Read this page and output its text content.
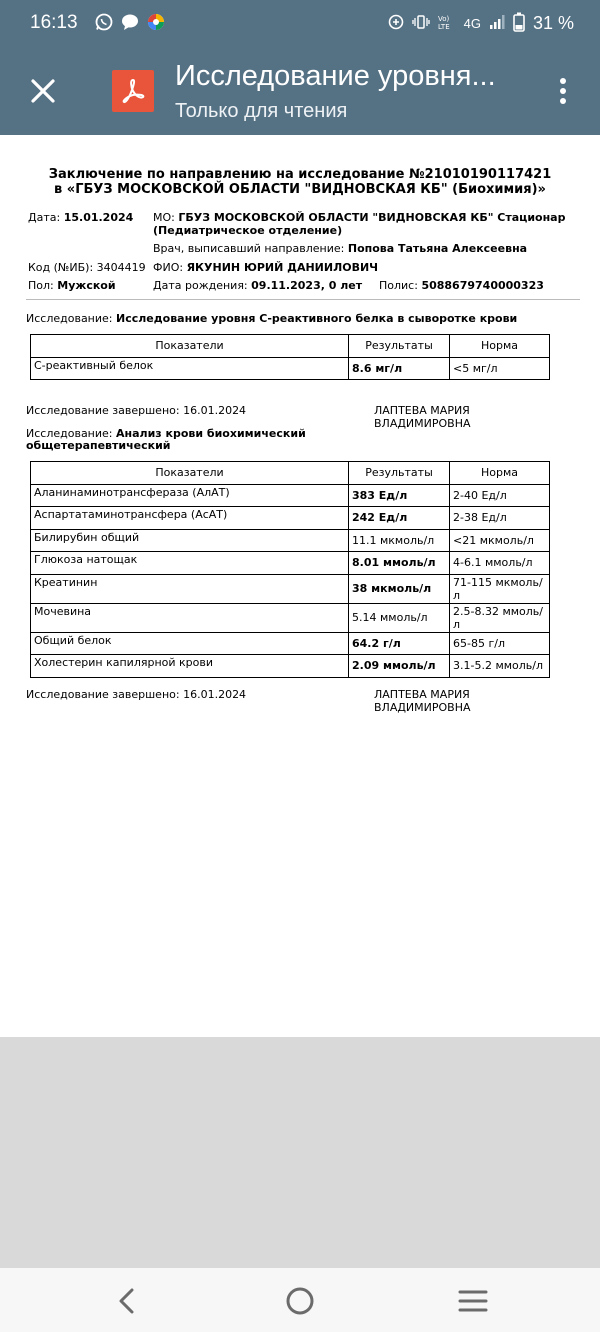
16:13	Vo)
LTE 4G	31 %
Исследование уровня...
Только для чтения
Заключение по направлению на исследование №21010190117421
в «ГБУЗ МОСКОВСКОЙ ОБЛАСТИ "ВИДНОВСКАЯ КБ" (Биохимия)»
Дата: 15.01.2024 МО: ГБУЗ МОСКОВСКОЙ ОБЛАСТИ "ВИДНОВСКАЯ КБ" Стационар
(Педиатрическое отделение)
Врач, выписавший направление: Попова Татьяна Алексеевна
Код (№ИБ): 3404419 ФИО: ЯКУНИН ЮРИЙ ДАНИИЛОВИЧ
Пол: Мужской	Дата рождения: 09.11.2023, 0 лет Полис: 5088679740000323
Исследование: Исследование уровня С-реактивного белка в сыворотке крови
Показатели	Результаты	Норма
С-реактивный белок	8.6 мг/л	<5 мг/л
Исследование завершено: 16.01.2024	ЛАПТЕВА МАРИЯ
ВЛАДИМИРОВНА
Исследование: Анализ крови биохимический
общетерапевтический
Показатели	Результаты	Норма
Аланинаминотрансфераза (АлАТ)	383 Ед/л	2-40 Ед/л
Аспартатаминотрансфера (АсАТ)	242 Ед/л	2-38 Ед/л
Билирубин общий	11.1 мкмоль/л	<21 мкмоль/л
Глюкоза натощак	8.01 ммоль/л	4-6.1 ммоль/л
Креатинин	38 мкмоль/л	71-115 мкмоль/л
Мочевина	5.14 ммоль/л	2.5-8.32 ммоль/л
Общий белок	64.2 г/л	65-85 г/л
Холестерин капилярной крови	2.09 ммоль/л	3.1-5.2 ммоль/л
Исследование завершено: 16.01.2024	ЛАПТЕВА МАРИЯ
ВЛАДИМИРОВНА
